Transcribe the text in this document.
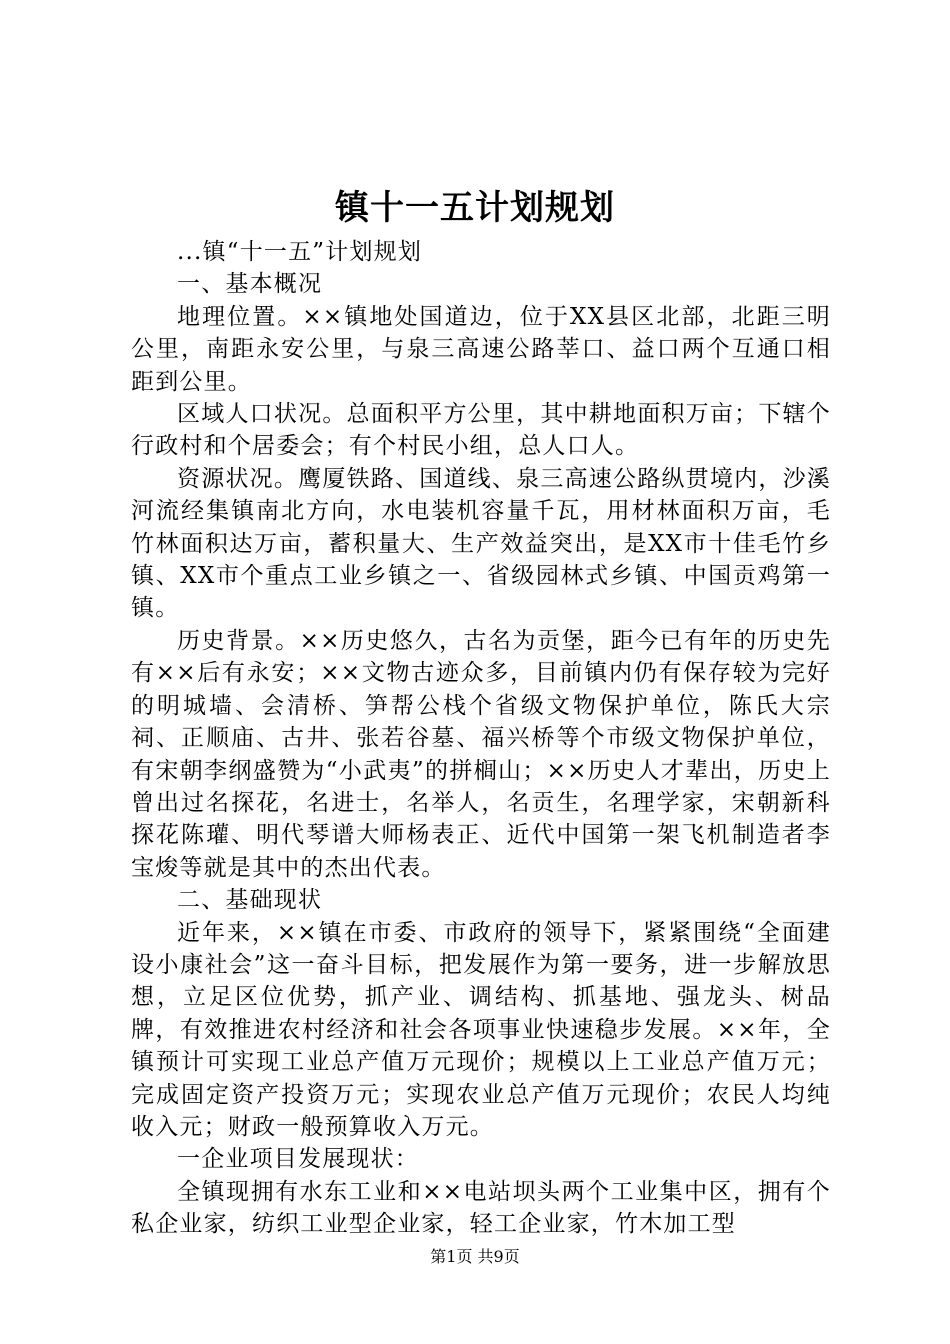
镇十一五计划规划

...镇“十一五”计划规划

一、基本概况

地理位置。××镇地处国道边，位于XX县区北部，北距三明公里，南距永安公里，与泉三高速公路莘口、益口两个互通口相距到公里。

区域人口状况。总面积平方公里，其中耕地面积万亩；下辖个行政村和个居委会；有个村民小组，总人口人。

资源状况。鹰厦铁路、国道线、泉三高速公路纵贯境内，沙溪河流经集镇南北方向，水电装机容量千瓦，用材林面积万亩，毛竹林面积达万亩，蓄积量大、生产效益突出，是XX市十佳毛竹乡镇、XX市个重点工业乡镇之一、省级园林式乡镇、中国贡鸡第一镇。

历史背景。××历史悠久，古名为贡堡，距今已有年的历史先有××后有永安；××文物古迹众多，目前镇内仍有保存较为完好的明城墙、会清桥、笋帮公栈个省级文物保护单位，陈氏大宗祠、正顺庙、古井、张若谷墓、福兴桥等个市级文物保护单位，有宋朝李纲盛赞为“小武夷”的拼榈山；××历史人才辈出，历史上曾出过名探花，名进士，名举人，名贡生，名理学家，宋朝新科探花陈瓘、明代琴谱大师杨表正、近代中国第一架飞机制造者李宝焌等就是其中的杰出代表。

二、基础现状

近年来，××镇在市委、市政府的领导下，紧紧围绕“全面建设小康社会”这一奋斗目标，把发展作为第一要务，进一步解放思想，立足区位优势，抓产业、调结构、抓基地、强龙头、树品牌，有效推进农村经济和社会各项事业快速稳步发展。××年，全镇预计可实现工业总产值万元现价；规模以上工业总产值万元；完成固定资产投资万元；实现农业总产值万元现价；农民人均纯收入元；财政一般预算收入万元。

一企业项目发展现状：

全镇现拥有水东工业和××电站坝头两个工业集中区，拥有个私企业家，纺织工业型企业家，轻工企业家，竹木加工型

第1页 共9页
